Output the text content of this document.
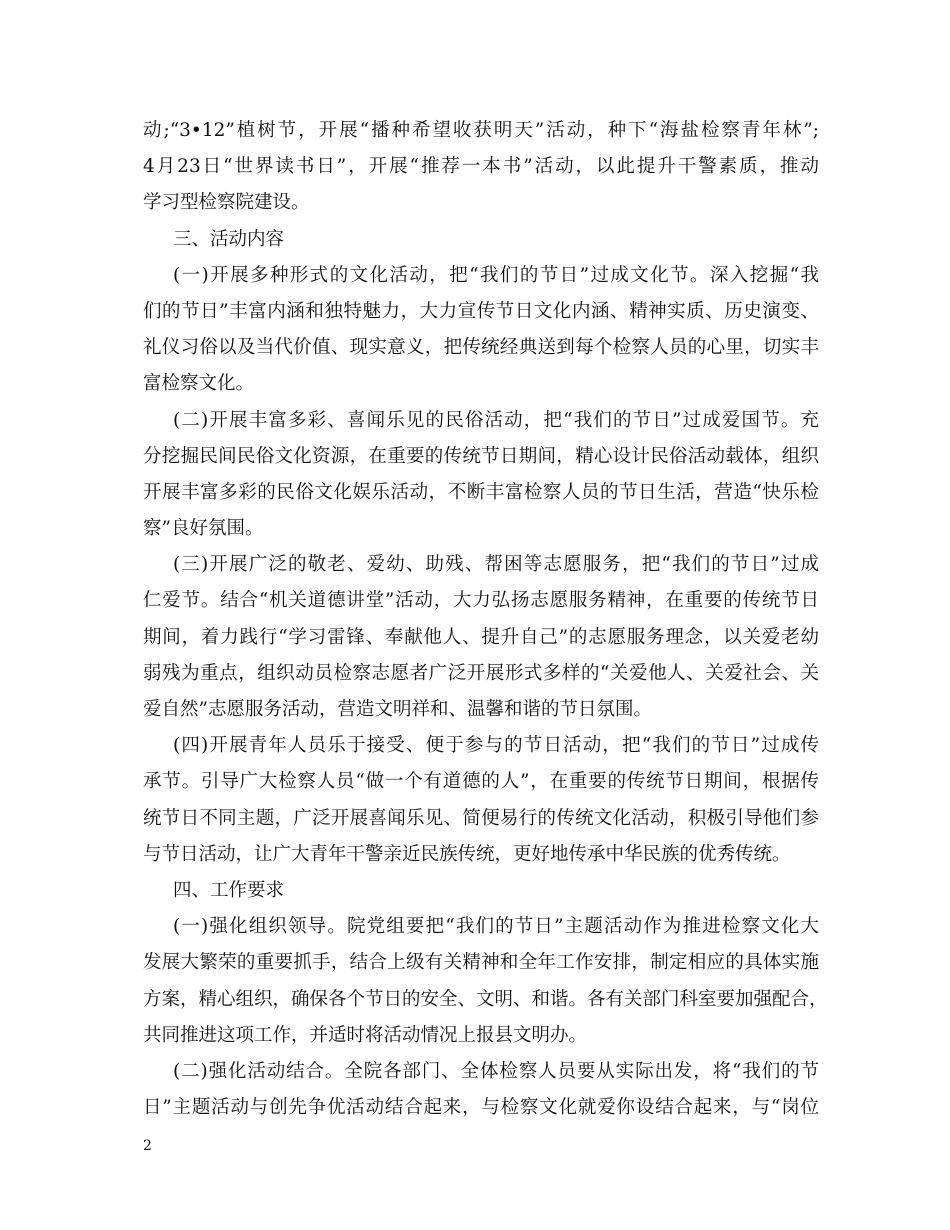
动;“3•12”植树节，开展“播种希望收获明天”活动，种下“海盐检察青年林”;
4月23日“世界读书日”，开展“推荐一本书”活动，以此提升干警素质，推动
学习型检察院建设。
三、活动内容
(一)开展多种形式的文化活动，把“我们的节日”过成文化节。深入挖掘“我
们的节日”丰富内涵和独特魅力，大力宣传节日文化内涵、精神实质、历史演变、
礼仪习俗以及当代价值、现实意义，把传统经典送到每个检察人员的心里，切实丰
富检察文化。
(二)开展丰富多彩、喜闻乐见的民俗活动，把“我们的节日”过成爱国节。充
分挖掘民间民俗文化资源，在重要的传统节日期间，精心设计民俗活动载体，组织
开展丰富多彩的民俗文化娱乐活动，不断丰富检察人员的节日生活，营造“快乐检
察”良好氛围。
(三)开展广泛的敬老、爱幼、助残、帮困等志愿服务，把“我们的节日”过成
仁爱节。结合“机关道德讲堂”活动，大力弘扬志愿服务精神，在重要的传统节日
期间，着力践行“学习雷锋、奉献他人、提升自己”的志愿服务理念，以关爱老幼
弱残为重点，组织动员检察志愿者广泛开展形式多样的“关爱他人、关爱社会、关
爱自然”志愿服务活动，营造文明祥和、温馨和谐的节日氛围。
(四)开展青年人员乐于接受、便于参与的节日活动，把“我们的节日”过成传
承节。引导广大检察人员“做一个有道德的人”，在重要的传统节日期间，根据传
统节日不同主题，广泛开展喜闻乐见、简便易行的传统文化活动，积极引导他们参
与节日活动，让广大青年干警亲近民族传统，更好地传承中华民族的优秀传统。
四、工作要求
(一)强化组织领导。院党组要把“我们的节日”主题活动作为推进检察文化大
发展大繁荣的重要抓手，结合上级有关精神和全年工作安排，制定相应的具体实施
方案，精心组织，确保各个节日的安全、文明、和谐。各有关部门科室要加强配合，
共同推进这项工作，并适时将活动情况上报县文明办。
(二)强化活动结合。全院各部门、全体检察人员要从实际出发，将“我们的节
日”主题活动与创先争优活动结合起来，与检察文化就爱你设结合起来，与“岗位
2
